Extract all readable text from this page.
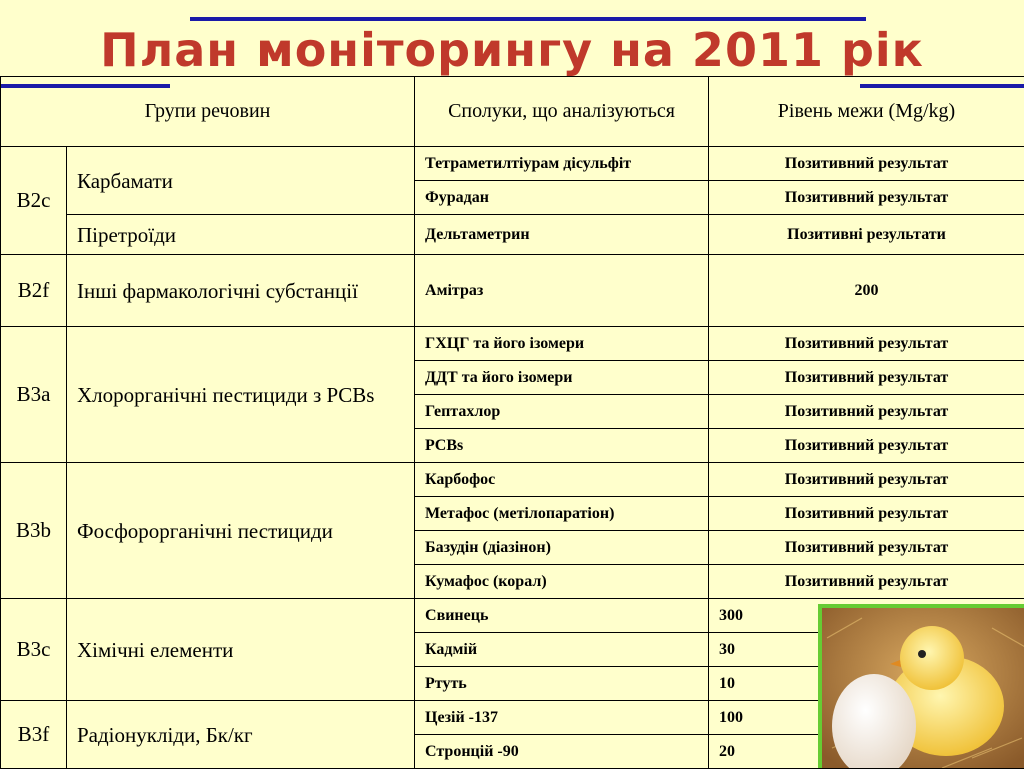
План моніторингу на 2011 рік
Групи речовин		Сполуки, що аналізуються	Рівень межи (Mg/kg)
B2c	Карбамати	Тетраметилтіурам дісульфіт	Позитивний результат
		Фурадан	Позитивний результат
	Піретроїди	Дельтаметрин	Позитивні результати
B2f	Інші фармакологічні субстанції	Амітраз	200
B3a	Хлорорганічні пестициди з PCBs	ГХЦГ та його ізомери	Позитивний результат
		ДДТ та його ізомери	Позитивний результат
		Гептахлор	Позитивний результат
		PCBs	Позитивний результат
B3b	Фосфорорганічні пестициди	Карбофос	Позитивний результат
		Метафос (метілопаратіон)	Позитивний результат
		Базудін (діазінон)	Позитивний результат
		Кумафос (корал)	Позитивний результат
B3c	Хімічні елементи	Свинець	300
		Кадмій	30
		Ртуть	10
B3f	Радіонукліди, Бк/кг	Цезій -137	100
		Стронцій -90	20
